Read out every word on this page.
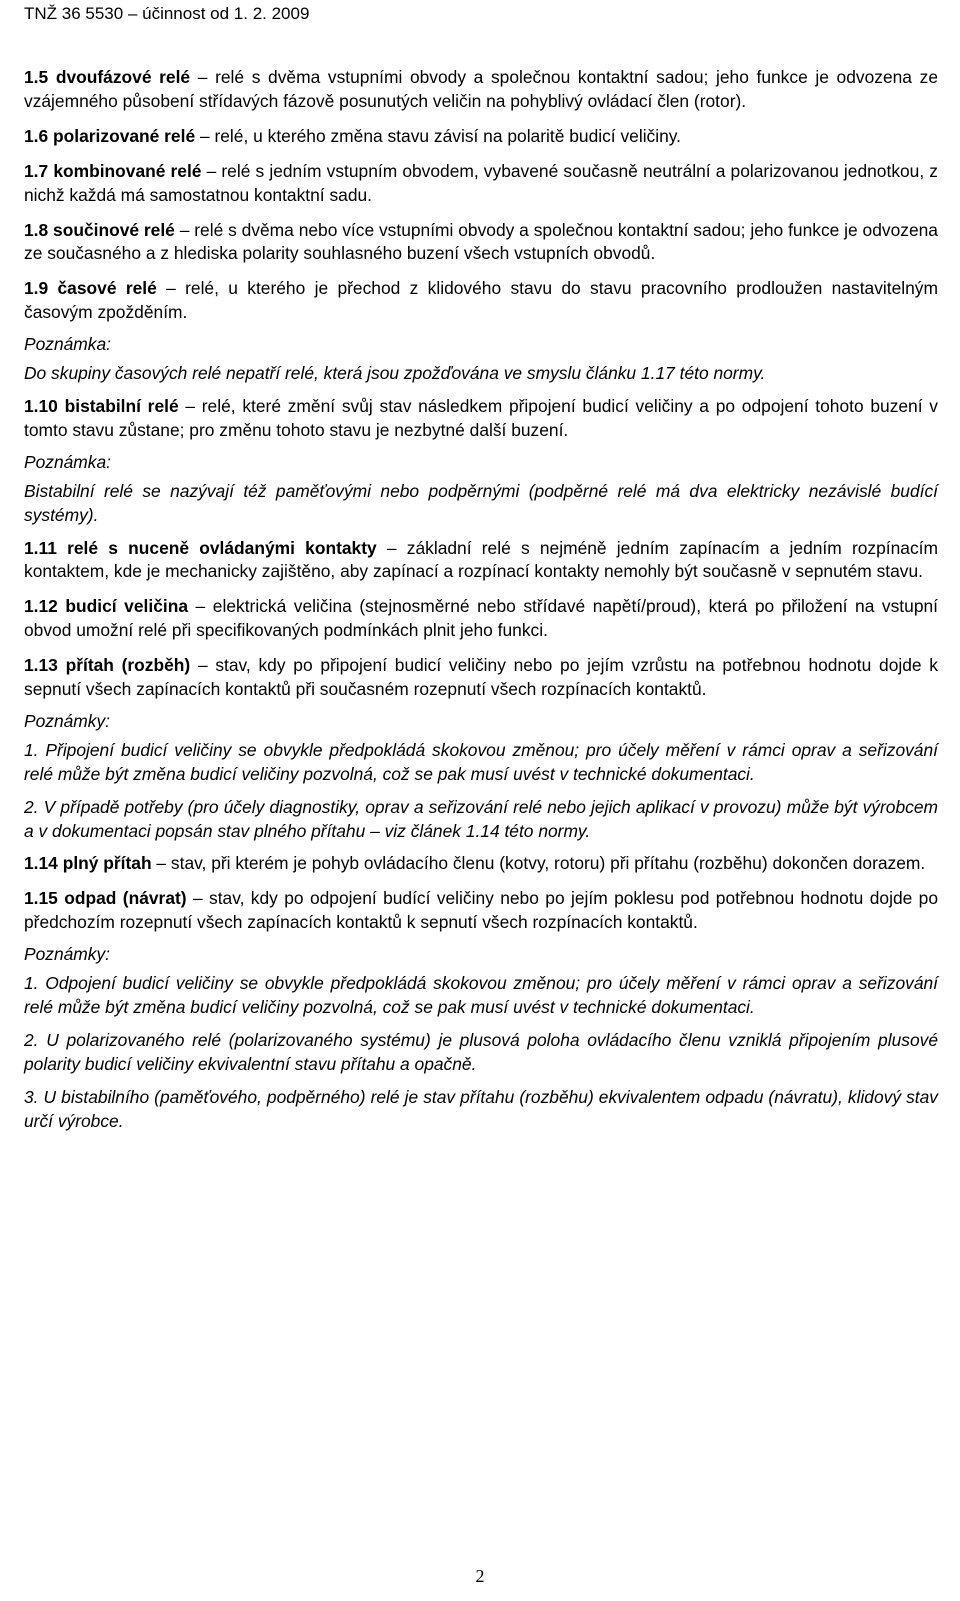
TNŽ 36 5530 – účinnost od 1. 2. 2009

1.5 dvoufázové relé – relé s dvěma vstupními obvody a společnou kontaktní sadou; jeho funkce je odvozena ze vzájemného působení střídavých fázově posunutých veličin na pohyblivý ovládací člen (rotor).

1.6 polarizované relé – relé, u kterého změna stavu závisí na polaritě budicí veličiny.

1.7 kombinované relé – relé s jedním vstupním obvodem, vybavené současně neutrální a polarizovanou jednotkou, z nichž každá má samostatnou kontaktní sadu.

1.8 součinové relé – relé s dvěma nebo více vstupními obvody a společnou kontaktní sadou; jeho funkce je odvozena ze současného a z hlediska polarity souhlasného buzení všech vstupních obvodů.

1.9 časové relé – relé, u kterého je přechod z klidového stavu do stavu pracovního prodloužen nastavitelným časovým zpožděním.

Poznámka:

Do skupiny časových relé nepatří relé, která jsou zpožďována ve smyslu článku 1.17 této normy.

1.10 bistabilní relé – relé, které změní svůj stav následkem připojení budicí veličiny a po odpojení tohoto buzení v tomto stavu zůstane; pro změnu tohoto stavu je nezbytné další buzení.

Poznámka:

Bistabilní relé se nazývají též paměťovými nebo podpěrnými (podpěrné relé má dva elektricky nezávislé budící systémy).

1.11 relé s nuceně ovládanými kontakty – základní relé s nejméně jedním zapínacím a jedním rozpínacím kontaktem, kde je mechanicky zajištěno, aby zapínací a rozpínací kontakty nemohly být současně v sepnutém stavu.

1.12 budicí veličina – elektrická veličina (stejnosměrné nebo střídavé napětí/proud), která po přiložení na vstupní obvod umožní relé při specifikovaných podmínkách plnit jeho funkci.

1.13 přítah (rozběh) – stav, kdy po připojení budicí veličiny nebo po jejím vzrůstu na potřebnou hodnotu dojde k sepnutí všech zapínacích kontaktů při současném rozepnutí všech rozpínacích kontaktů.

Poznámky:

1. Připojení budicí veličiny se obvykle předpokládá skokovou změnou; pro účely měření v rámci oprav a seřizování relé může být změna budicí veličiny pozvolná, což se pak musí uvést v technické dokumentaci.

2. V případě potřeby (pro účely diagnostiky, oprav a seřizování relé nebo jejich aplikací v provozu) může být výrobcem a v dokumentaci popsán stav plného přítahu – viz článek 1.14 této normy.

1.14 plný přítah – stav, při kterém je pohyb ovládacího členu (kotvy, rotoru) při přítahu (rozběhu) dokončen dorazem.

1.15 odpad (návrat) – stav, kdy po odpojení budící veličiny nebo po jejím poklesu pod potřebnou hodnotu dojde po předchozím rozepnutí všech zapínacích kontaktů k sepnutí všech rozpínacích kontaktů.

Poznámky:

1. Odpojení budicí veličiny se obvykle předpokládá skokovou změnou; pro účely měření v rámci oprav a seřizování relé může být změna budicí veličiny pozvolná, což se pak musí uvést v technické dokumentaci.

2. U polarizovaného relé (polarizovaného systému) je plusová poloha ovládacího členu vzniklá připojením plusové polarity budicí veličiny ekvivalentní stavu přítahu a opačně.

3. U bistabilního (paměťového, podpěrného) relé je stav přítahu (rozběhu) ekvivalentem odpadu (návratu), klidový stav určí výrobce.

2
